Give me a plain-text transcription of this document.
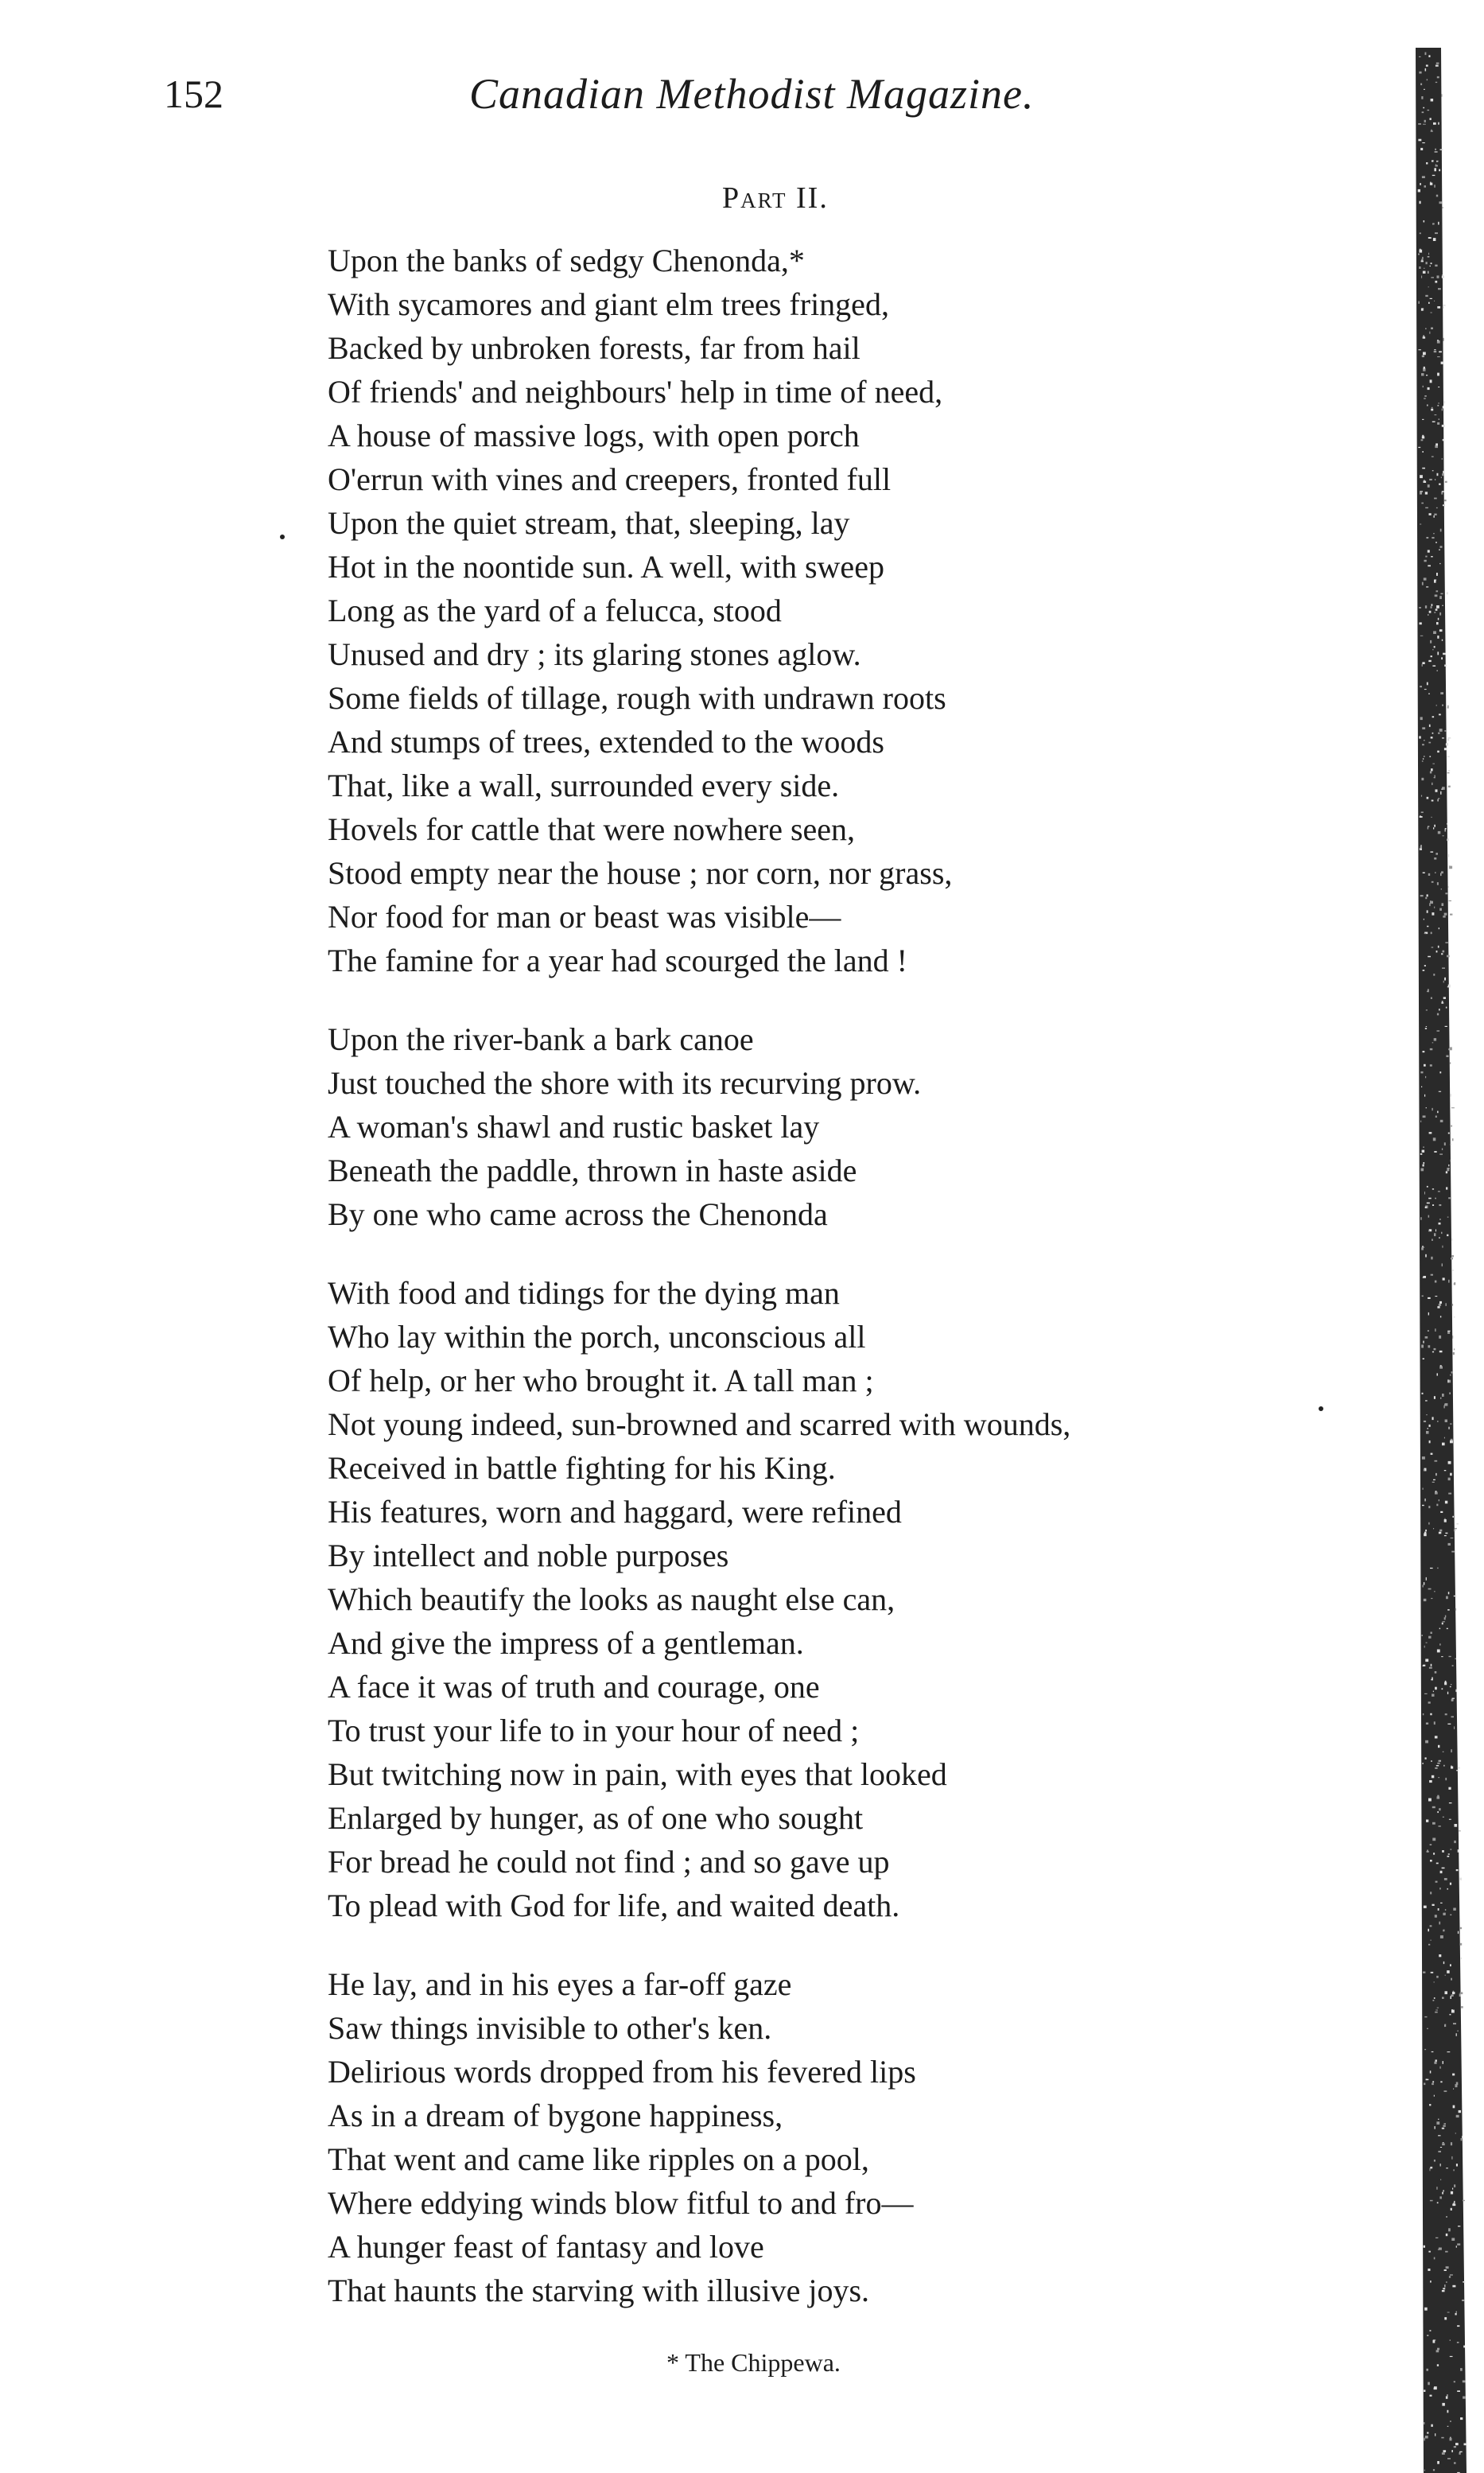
152	Canadian Methodist Magazine.
Part II.
Upon the banks of sedgy Chenonda,*
With sycamores and giant elm trees fringed,
Backed by unbroken forests, far from hail
Of friends' and neighbours' help in time of need,
A house of massive logs, with open porch
O'errun with vines and creepers, fronted full
Upon the quiet stream, that, sleeping, lay
Hot in the noontide sun. A well, with sweep
Long as the yard of a felucca, stood
Unused and dry ; its glaring stones aglow.
Some fields of tillage, rough with undrawn roots
And stumps of trees, extended to the woods
That, like a wall, surrounded every side.
Hovels for cattle that were nowhere seen,
Stood empty near the house ; nor corn, nor grass,
Nor food for man or beast was visible—
The famine for a year had scourged the land !
Upon the river-bank a bark canoe
Just touched the shore with its recurving prow.
A woman's shawl and rustic basket lay
Beneath the paddle, thrown in haste aside
By one who came across the Chenonda
With food and tidings for the dying man
Who lay within the porch, unconscious all
Of help, or her who brought it. A tall man ;
Not young indeed, sun-browned and scarred with wounds,
Received in battle fighting for his King.
His features, worn and haggard, were refined
By intellect and noble purposes
Which beautify the looks as naught else can,
And give the impress of a gentleman.
A face it was of truth and courage, one
To trust your life to in your hour of need ;
But twitching now in pain, with eyes that looked
Enlarged by hunger, as of one who sought
For bread he could not find ; and so gave up
To plead with God for life, and waited death.
He lay, and in his eyes a far-off gaze
Saw things invisible to other's ken.
Delirious words dropped from his fevered lips
As in a dream of bygone happiness,
That went and came like ripples on a pool,
Where eddying winds blow fitful to and fro—
A hunger feast of fantasy and love
That haunts the starving with illusive joys.
* The Chippewa.
